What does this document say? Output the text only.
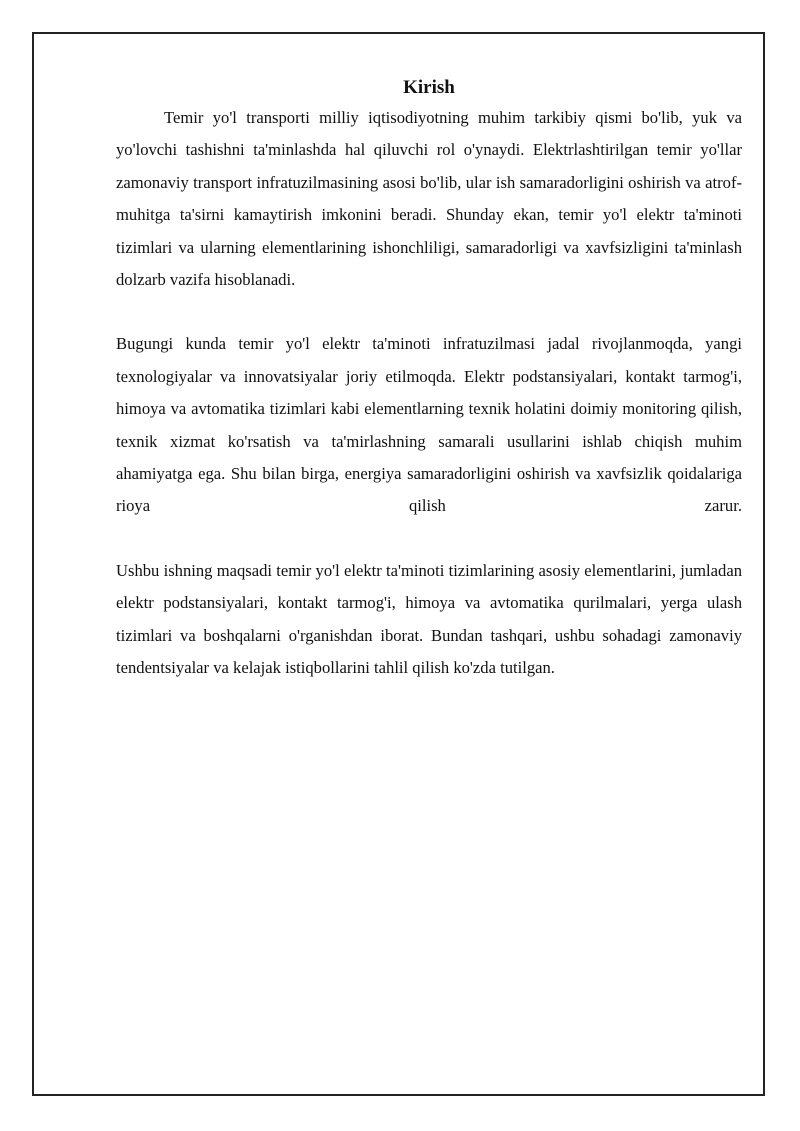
Kirish

Temir yo'l transporti milliy iqtisodiyotning muhim tarkibiy qismi bo'lib, yuk va yo'lovchi tashishni ta'minlashda hal qiluvchi rol o'ynaydi. Elektrlashtirilgan temir yo'llar zamonaviy transport infratuzilmasining asosi bo'lib, ular ish samaradorligini oshirish va atrof-muhitga ta'sirni kamaytirish imkonini beradi. Shunday ekan, temir yo'l elektr ta'minoti tizimlari va ularning elementlarining ishonchliligi, samaradorligi va xavfsizligini ta'minlash dolzarb vazifa hisoblanadi.

Bugungi kunda temir yo'l elektr ta'minoti infratuzilmasi jadal rivojlanmoqda, yangi texnologiyalar va innovatsiyalar joriy etilmoqda. Elektr podstansiyalari, kontakt tarmog'i, himoya va avtomatika tizimlari kabi elementlarning texnik holatini doimiy monitoring qilish, texnik xizmat ko'rsatish va ta'mirlashning samarali usullarini ishlab chiqish muhim ahamiyatga ega. Shu bilan birga, energiya samaradorligini oshirish va xavfsizlik qoidalariga rioya qilish zarur.

Ushbu ishning maqsadi temir yo'l elektr ta'minoti tizimlarining asosiy elementlarini, jumladan elektr podstansiyalari, kontakt tarmog'i, himoya va avtomatika qurilmalari, yerga ulash tizimlari va boshqalarni o'rganishdan iborat. Bundan tashqari, ushbu sohadagi zamonaviy tendentsiyalar va kelajak istiqbollarini tahlil qilish ko'zda tutilgan.
